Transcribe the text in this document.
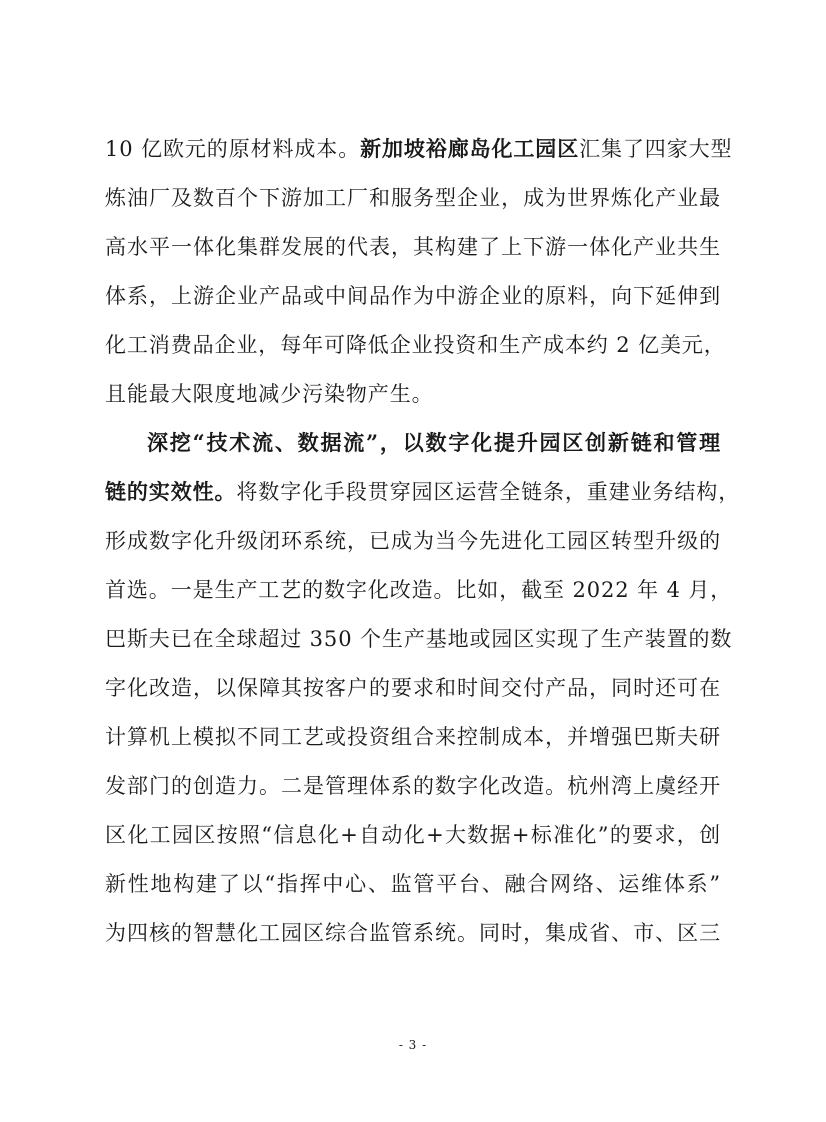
10 亿欧元的原材料成本。新加坡裕廊岛化工园区汇集了四家大型
炼油厂及数百个下游加工厂和服务型企业，成为世界炼化产业最
高水平一体化集群发展的代表，其构建了上下游一体化产业共生
体系，上游企业产品或中间品作为中游企业的原料，向下延伸到
化工消费品企业，每年可降低企业投资和生产成本约 2 亿美元，
且能最大限度地减少污染物产生。
深挖“技术流、数据流”，以数字化提升园区创新链和管理
链的实效性。将数字化手段贯穿园区运营全链条，重建业务结构，
形成数字化升级闭环系统，已成为当今先进化工园区转型升级的
首选。一是生产工艺的数字化改造。比如，截至 2022 年 4 月，
巴斯夫已在全球超过 350 个生产基地或园区实现了生产装置的数
字化改造，以保障其按客户的要求和时间交付产品，同时还可在
计算机上模拟不同工艺或投资组合来控制成本，并增强巴斯夫研
发部门的创造力。二是管理体系的数字化改造。杭州湾上虞经开
区化工园区按照“信息化+自动化+大数据+标准化”的要求，创
新性地构建了以“指挥中心、监管平台、融合网络、运维体系”
为四核的智慧化工园区综合监管系统。同时，集成省、市、区三
- 3 -
